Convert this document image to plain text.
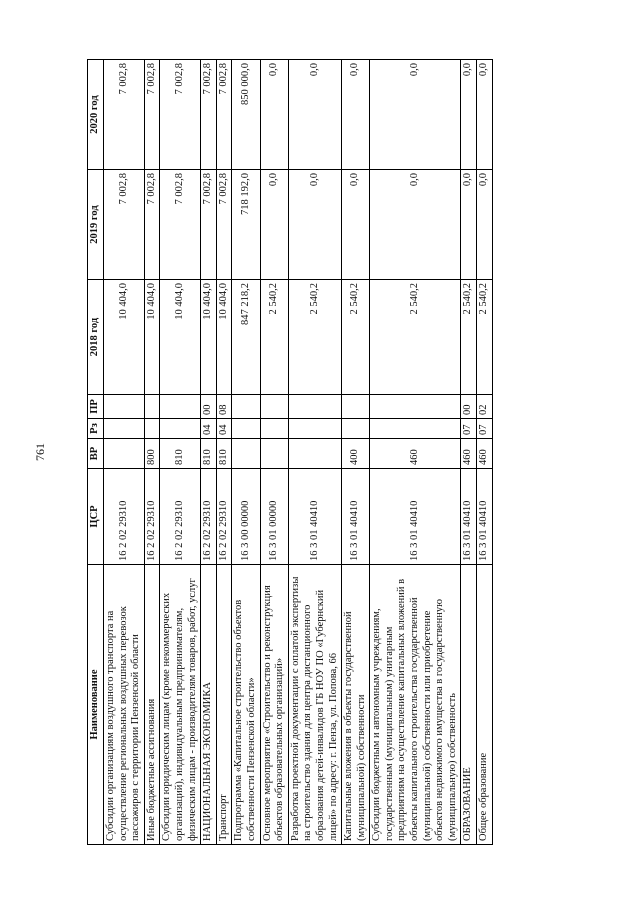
761
Наименование	ЦСР	ВР	Рз	ПР	2018 год	2019 год	2020 год
Субсидии организациям воздушного транспорта на осуществление региональных воздушных перевозок пассажиров с территории Пензенской области	16 2 02 29310				10 404,0	7 002,8	7 002,8
Иные бюджетные ассигнования	16 2 02 29310	800			10 404,0	7 002,8	7 002,8
Субсидии юридическим лицам (кроме некоммерческих организаций), индивидуальным предпринимателям, физическим лицам - производителям товаров, работ, услуг	16 2 02 29310	810			10 404,0	7 002,8	7 002,8
НАЦИОНАЛЬНАЯ ЭКОНОМИКА	16 2 02 29310	810	04	00	10 404,0	7 002,8	7 002,8
Транспорт	16 2 02 29310	810	04	08	10 404,0	7 002,8	7 002,8
Подпрограмма «Капитальное строительство объектов собственности Пензенской области»	16 3 00 00000				847 218,2	718 192,0	850 000,0
Основное мероприятие «Строительство и реконструкция объектов образовательных организаций»	16 3 01 00000				2 540,2	0,0	0,0
Разработка проектной документации с оплатой экспертизы на строительство здания для центра дистанционного образования детей-инвалидов ГБ НОУ ПО «Губернский лицей» по адресу: г. Пенза, ул. Попова, 66	16 3 01 40410				2 540,2	0,0	0,0
Капитальные вложения в объекты государственной (муниципальной) собственности	16 3 01 40410	400			2 540,2	0,0	0,0
Субсидии бюджетным и автономным учреждениям, государственным (муниципальным) унитарным предприятиям на осуществление капитальных вложений в объекты капитального строительства государственной (муниципальной) собственности или приобретение объектов недвижимого имущества в государственную (муниципальную) собственность	16 3 01 40410	460			2 540,2	0,0	0,0
ОБРАЗОВАНИЕ	16 3 01 40410	460	07	00	2 540,2	0,0	0,0
Общее образование	16 3 01 40410	460	07	02	2 540,2	0,0	0,0
